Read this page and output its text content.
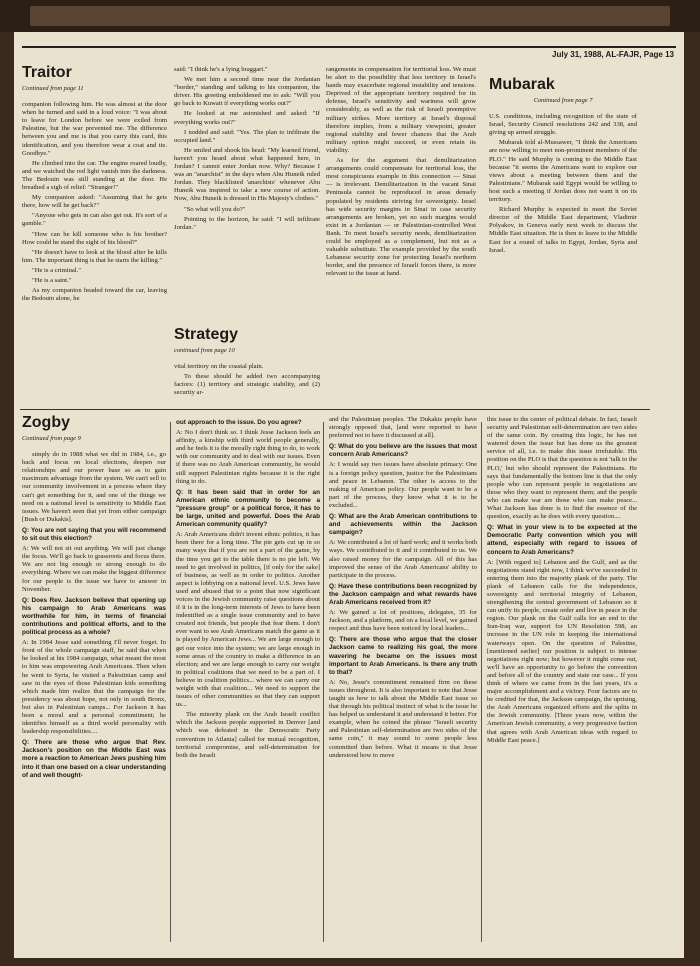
July 31, 1988, AL-FAJR, Page 13
Traitor
Continued from page 11

companion following him. He was almost at the door when he turned and said in a loud voice: "I was about to leave for London before we were exiled from Palestine, but the war prevented me. The difference between you and me is that you carry this card, this identification, and you therefore wear a coat and tie. Goodbye."

He climbed into the car. The engine roared loudly, and we watched the red light vanish into the darkness. The Bedouin was still standing at the door. He breathed a sigh of relief: "Stranger!"

My companion asked: "Assuming that he gets there, how will he get back?"

"Anyone who gets in can also get out. It's sort of a gamble."

"How can he kill someone who is his brother? How could he stand the sight of his blood?"

"He doesn't have to look at the blood after he kills him. The important thing is that he starts the killing."

"He is a criminal."

"He is a saint."

As my companion headed toward the car, leaving the Bedouin alone, he

said: "I think he's a lying braggart."

We met him a second time near the Jordanian "border," standing and talking to his companion, the driver. His greeting emboldened me to ask: "Will you go back to Kuwait if everything works out?"

He looked at me astonished and asked: "If everything works out?"

I nodded and said: "Yes. The plan to infiltrate the occupied land."

He smiled and shook his head: "My learned friend, haven't you heard about what happened here, in Jordan? I cannot enter Jordan now. Why? Because I was an "anarchist" in the days when Abu Huneik ruled Jordan. They blacklisted 'anarchists' whenever Abu Huneik was inspired to take a new course of action. Now, Abu Huneik is dressed in His Majesty's clothes."

"So what will you do?"

Pointing to the horizon, he said: "I will infiltrate Jordan."

Strategy
continued from page 10

vital territory on the coastal plain.

To these should be added two accompanying factors: (1) territory and strategic stability, and (2) security ar-

rangements in compensation for territorial loss. We must be alert to the possibility that less territory in Israel's hands may exacerbate regional instability and tensions. Deprived of the appropriate territory required for its defense, Israel's sensitivity and wariness will grow considerably, as well as the risk of Israeli preemptive military strikes. More territory at Israel's disposal therefore implies, from a military viewpoint, greater regional stability and fewer chances that the Arab military option might succeed, or even retain its viability.

As for the argument that demilitarization arrangements could compensate for territorial loss, the most conspicuous example in this connection — Sinai — is irrelevant. Demilitarization in the vacant Sinai Peninsula cannot be reproduced in areas densely populated by residents striving for sovereignty. Israel has wide security margins in Sinai in case security arrangements are broken, yet no such margins would exist in a Jordanian — or Palestinian-controlled West Bank. To meet Israel's security needs, demilitarization could be employed as a complement, but not as a valuable substitute. The example provided by the south Lebanese security zone for protecting Israel's northern border, and the presence of Israeli forces there, is more relevant to the issue at hand.

Mubarak
Continued from page 7

U.S. conditions, including recognition of the state of Israel, Security Council resolutions 242 and 338, and giving up armed struggle.

Mubarak told al-Mussawer, "I think the Americans are now willing to meet non-prominent members of the PLO." He said Murphy is coming to the Middle East because "it seems the Americans want to explore our views about a meeting between them and the Palestinians." Mubarak said Egypt would be willing to host such a meeting if Jordan does not want it on its territory.

Richard Murphy is expected to meet the Soviet director of the Middle East department, Vladimir Polyakov, in Geneva early next week to discuss the Middle East situation. He is then to leave to the Middle East for a round of talks in Egypt, Jordan, Syria and Israel.

Zogby
Continued from page 9

simply do in 1988 what we did in 1984, i.e., go back and focus on local elections, deepen our relationships and our power base so as to gain maximum advantage from the system. We can't sell to our community involvement in a process where they can't get something for it, and one of the things we need on a national level is sensitivity to Middle East issues. We haven't seen that yet from either campaign [Bush or Dukakis].

Q: You are not saying that you will recommend to sit out this election?

A: We will not sit out anything. We will just change the focus. We'll go back to grassroots and focus there. We are not big enough or strong enough to do everything. Where we can make the biggest difference for our people is the issue we have to answer in November.

Q: Does Rev. Jackson believe that opening up his campaign to Arab Americans was worthwhile for him, in terms of financial contributions and political efforts, and to the political process as a whole?

A: In 1984 Jesse said something I'll never forget. In front of the whole campaign staff, he said that when he looked at his 1984 campaign, what meant the most to him was empowering Arab Americans. Then when he went to Syria, he visited a Palestinian camp and saw in the eyes of those Palestinian kids something which made him realize that the campaign for the presidency was about hope, not only in south Bronx, but also in Palestinian camps... For Jackson it has been a moral and a personal commitment; he identifies himself as a third world personality with leadership responsibilities....

Q: There are those who argue that Rev. Jackson's position on the Middle East was more a reaction to American Jews pushing him into it than one based on a clear understanding of and well thought-

out approach to the issue. Do you agree?

A: No I don't think so. I think Jesse Jackson feels an affinity, a kinship with third world people generally, and he feels it is the morally right thing to do, to work with our community and to deal with our issues. Even if there was no Arab American community, he would still support Palestinian rights because it is the right thing to do.

Q: It has been said that in order for an American ethnic community to become a "pressure group" or a political force, it has to be large, united and powerful. Does the Arab American community qualify?

A: Arab Americans didn't invent ethnic politics, it has been there for a long time. The pie gets cut up in so many ways that if you are not a part of the game, by the time you get to the table there is no pie left. We need to get involved in politics, [if only for the sake] of business, as well as in order to politics. Another aspect is lobbying on a national level. U.S. Jews have used and abused that to a point that now significant voices in the Jewish community raise questions about if it is in the long-term interests of Jews to have been indentified as a single issue community and to have created not friends, but people that fear them. I don't ever want to see Arab Americans match the game as it is played by American Jews... We are large enough to get our voice into the system; we are large enough in some areas of the country to make a difference in an election; and we are large enough to carry our weight in political coalitions that we need to be a part of. I believe in coalition politics... where we can carry our weight with that coalition... We need to support the issues of other communities so that they can support us...

The minority plank on the Arab Israeli conflict which the Jackson people supported in Denver [and which was defeated in the Democratic Party convention in Atlanta] called for mutual recognition, territorial compromise, and self-determination for both the Israeli

and the Palestinian peoples. The Dukakis people have strongly opposed that, [and were reported to have preferred not to have it discussed at all].

Q: What do you believe are the issues that most concern Arab Americans?

A: I would say two issues have absolute primacy: One is a foreign policy question, justice for the Palestinians and peace in Lebanon. The other is access to the making of American policy. Our people want to be a part of the process, they know what it is to be excluded...

Q: What are the Arab American contributions to and achievements within the Jackson campaign?

A: We contributed a lot of hard work; and it works both ways. We contributed to it and it contributed to us. We also raised money for the campaign. All of this has improved the sense of the Arab Americans' ability to participate in the process.

Q: Have these contributions been recognized by the Jackson campaign and what rewards have Arab Americans received from it?

A: We gained a lot of positions, delegates, 35 for Jackson, and a platform, and on a local level, we gained respect and thus have been noticed by local leaders...

Q: There are those who argue that the closer Jackson came to realizing his goal, the more wavering he became on the issues most important to Arab Americans. Is there any truth to that?

A: No, Jesse's commitment remained firm on these issues throughout. It is also important to note that Jesse taught us how to talk about the Middle East issue so that through his political instinct of what is the issue he has helped us understand it and understand it better. For example, when he coined the phrase "Israeli security and Palestinian self-determination are two sides of the same coin," it may sound to some people less committed than before. What it means is that Jesse understood how to move

this issue to the center of political debate. In fact, Israeli security and Palestinian self-determination are two sides of the same coin. By creating this logic, he has not watered down the issue but has done us the greatest service of all, i.e. to make this issue irrefutable. His position on the PLO is that the question is not 'talk to the PLO,' but who should represent the Palestinians. He says that fundamentally the bottom line is that the only people who can represent people in negotiations are those who they want to represent them; and the people who can make war are those who can make peace... What Jackson has done is to find the essence of the question, exactly as he does with every question....

Q: What in your view is to be expected at the Democratic Party convention which you will attend, especially with regard to issues of concern to Arab Americans?

A: [With regard to] Lebanon and the Gulf, and as the negotiations stand right now, I think we've succeeded in entering them into the majority plank of the party. The plank of Lebanon calls for the independence, sovereignty and territorial integrity of Lebanon, strengthening the central government of Lebanon so it can unify its people, create order and live in peace in the region. Our plank on the Gulf calls for an end to the Iran-Iraq war, support for UN Resolution 598, an increase in the UN role in keeping the international waterways open. On the question of Palestine, [mentioned earlier] our position is subject to intense negotiations right now; but however it might come out, we'll have an opportunity to go before the convention and before all of the country and state our case... If you think of where we came from in the last years, it's a major accomplishment and a victory. Four factors are to be credited for that, the Jackson campaign, the uprising, the Arab Americans organized efforts and the splits in the Jewish community. [Three years now, within the American Jewish community, a very progressive faction that agrees with Arab American ideas with regard to Middle East peace.]
